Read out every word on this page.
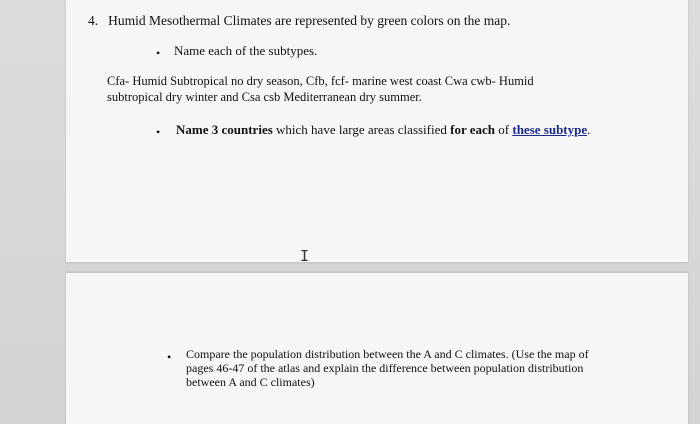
4. Humid Mesothermal Climates are represented by green colors on the map.
• Name each of the subtypes.
Cfa- Humid Subtropical no dry season, Cfb, fcf- marine west coast Cwa cwb- Humid
subtropical dry winter and Csa csb Mediterranean dry summer.
• Name 3 countries which have large areas classified for each of these subtype.
I
• Compare the population distribution between the A and C climates. (Use the map of
pages 46-47 of the atlas and explain the difference between population distribution
between A and C climates)
